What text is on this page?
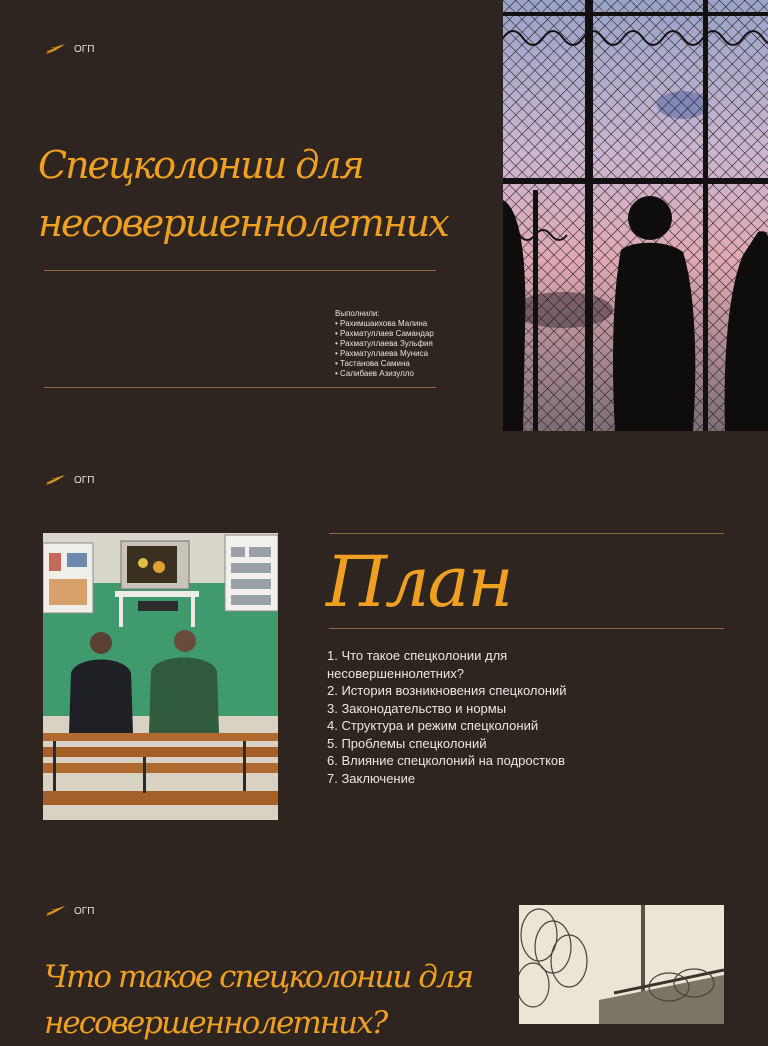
ОГП
Спецколонии для
несовершеннолетних
Выполнили:
• Рахимшаихова Малина
• Рахматуллаев Самандар
• Рахматуллаева Зульфия
• Рахматуллаева Муниса
• Тастанова Самина
• Салибаев Азизулло
ОГП
План
1. Что такое спецколонии для
несовершеннолетних?
2. История возникновения спецколоний
3. Законодательство и нормы
4. Структура и режим спецколоний
5. Проблемы спецколоний
6. Влияние спецколоний на подростков
7. Заключение
ОГП
Что такое спецколонии для
несовершеннолетних?
